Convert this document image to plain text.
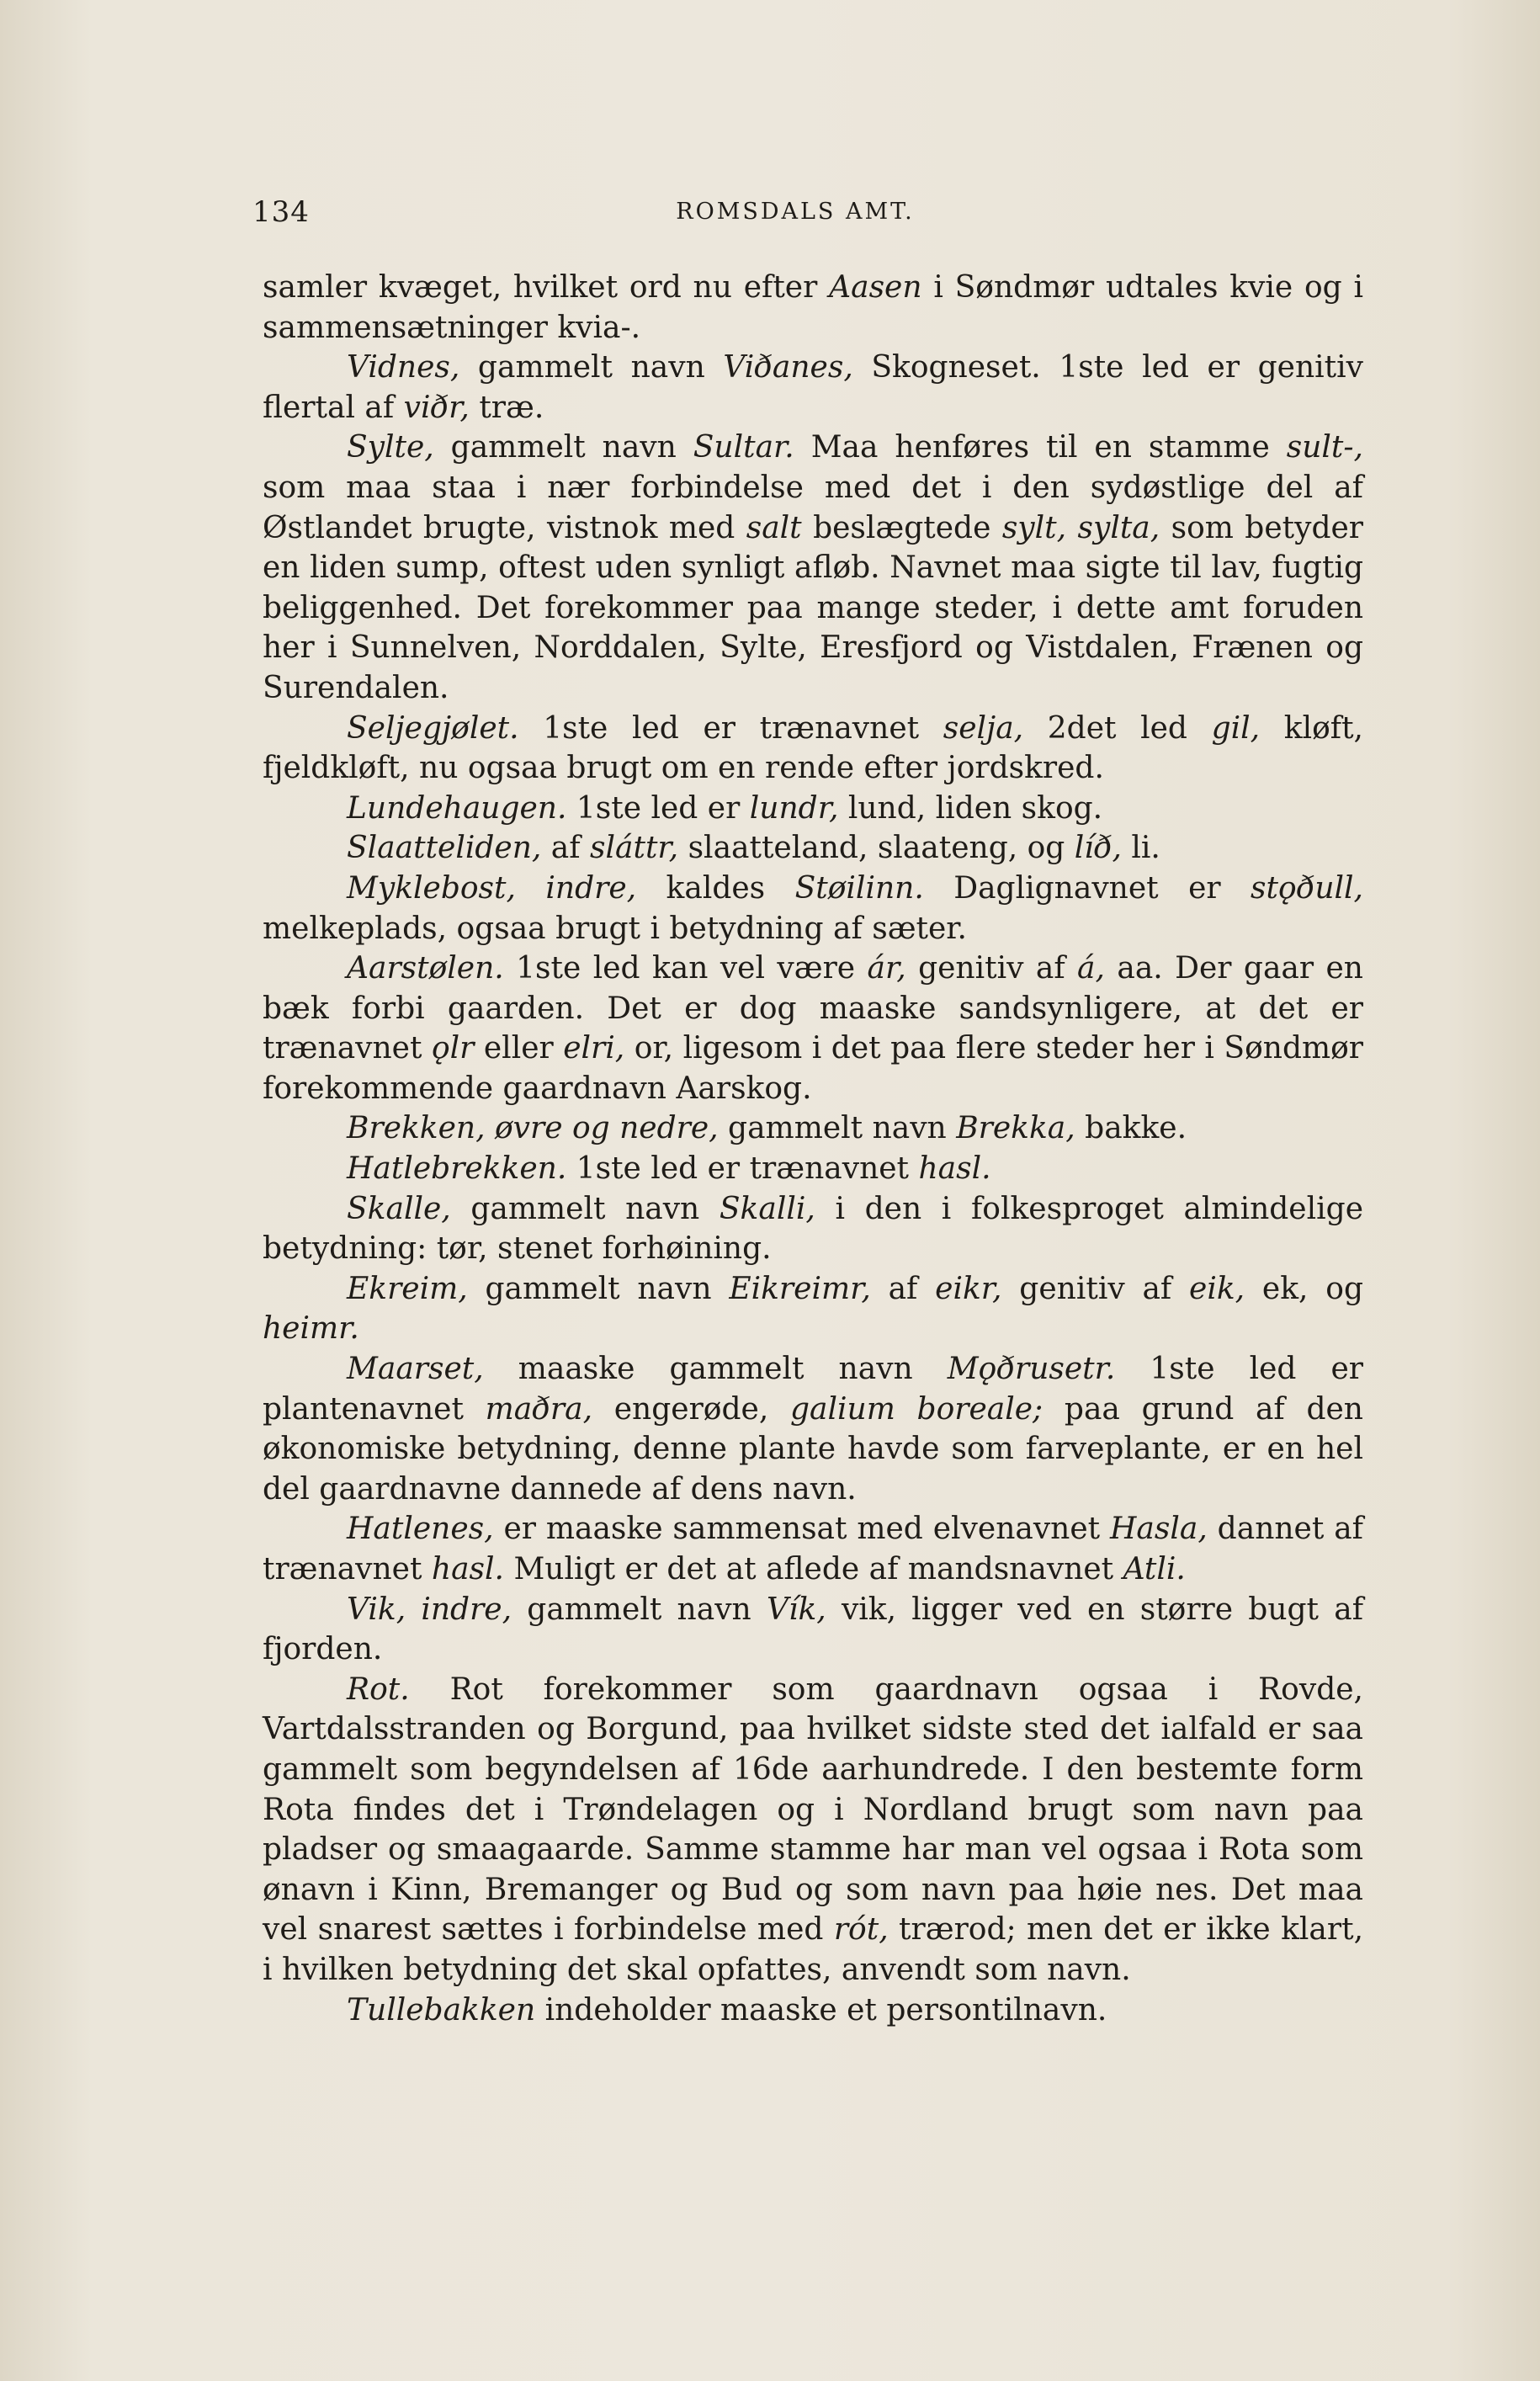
134	ROMSDALS AMT.

samler kvæget, hvilket ord nu efter Aasen i Søndmør udtales kvie og i sammensætninger kvia-.

Vidnes, gammelt navn Viðanes, Skogneset. 1ste led er genitiv flertal af viðr, træ.

Sylte, gammelt navn Sultar. Maa henføres til en stamme sult-, som maa staa i nær forbindelse med det i den sydøstlige del af Østlandet brugte, vistnok med salt beslægtede sylt, sylta, som betyder en liden sump, oftest uden synligt afløb. Navnet maa sigte til lav, fugtig beliggenhed. Det forekommer paa mange steder, i dette amt foruden her i Sunnelven, Norddalen, Sylte, Eresfjord og Vistdalen, Frænen og Surendalen.

Seljegjølet. 1ste led er trænavnet selja, 2det led gil, kløft, fjeldkløft, nu ogsaa brugt om en rende efter jordskred.

Lundehaugen. 1ste led er lundr, lund, liden skog.

Slaatteliden, af sláttr, slaatteland, slaateng, og líð, li.

Myklebost, indre, kaldes Støilinn. Daglignavnet er stǫðull, melkeplads, ogsaa brugt i betydning af sæter.

Aarstølen. 1ste led kan vel være ár, genitiv af á, aa. Der gaar en bæk forbi gaarden. Det er dog maaske sandsynligere, at det er trænavnet ǫlr eller elri, or, ligesom i det paa flere steder her i Søndmør forekommende gaardnavn Aarskog.

Brekken, øvre og nedre, gammelt navn Brekka, bakke.

Hatlebrekken. 1ste led er trænavnet hasl.

Skalle, gammelt navn Skalli, i den i folkesproget almindelige betydning: tør, stenet forhøining.

Ekreim, gammelt navn Eikreimr, af eikr, genitiv af eik, ek, og heimr.

Maarset, maaske gammelt navn Mǫðrusetr. 1ste led er plantenavnet maðra, engerøde, galium boreale; paa grund af den økonomiske betydning, denne plante havde som farveplante, er en hel del gaardnavne dannede af dens navn.

Hatlenes, er maaske sammensat med elvenavnet Hasla, dannet af trænavnet hasl. Muligt er det at aflede af mandsnavnet Atli.

Vik, indre, gammelt navn Vík, vik, ligger ved en større bugt af fjorden.

Rot. Rot forekommer som gaardnavn ogsaa i Rovde, Vartdalsstranden og Borgund, paa hvilket sidste sted det ialfald er saa gammelt som begyndelsen af 16de aarhundrede. I den bestemte form Rota findes det i Trøndelagen og i Nordland brugt som navn paa pladser og smaagaarde. Samme stamme har man vel ogsaa i Rota som ønavn i Kinn, Bremanger og Bud og som navn paa høie nes. Det maa vel snarest sættes i forbindelse med rót, trærod; men det er ikke klart, i hvilken betydning det skal opfattes, anvendt som navn.

Tullebakken indeholder maaske et persontilnavn.
